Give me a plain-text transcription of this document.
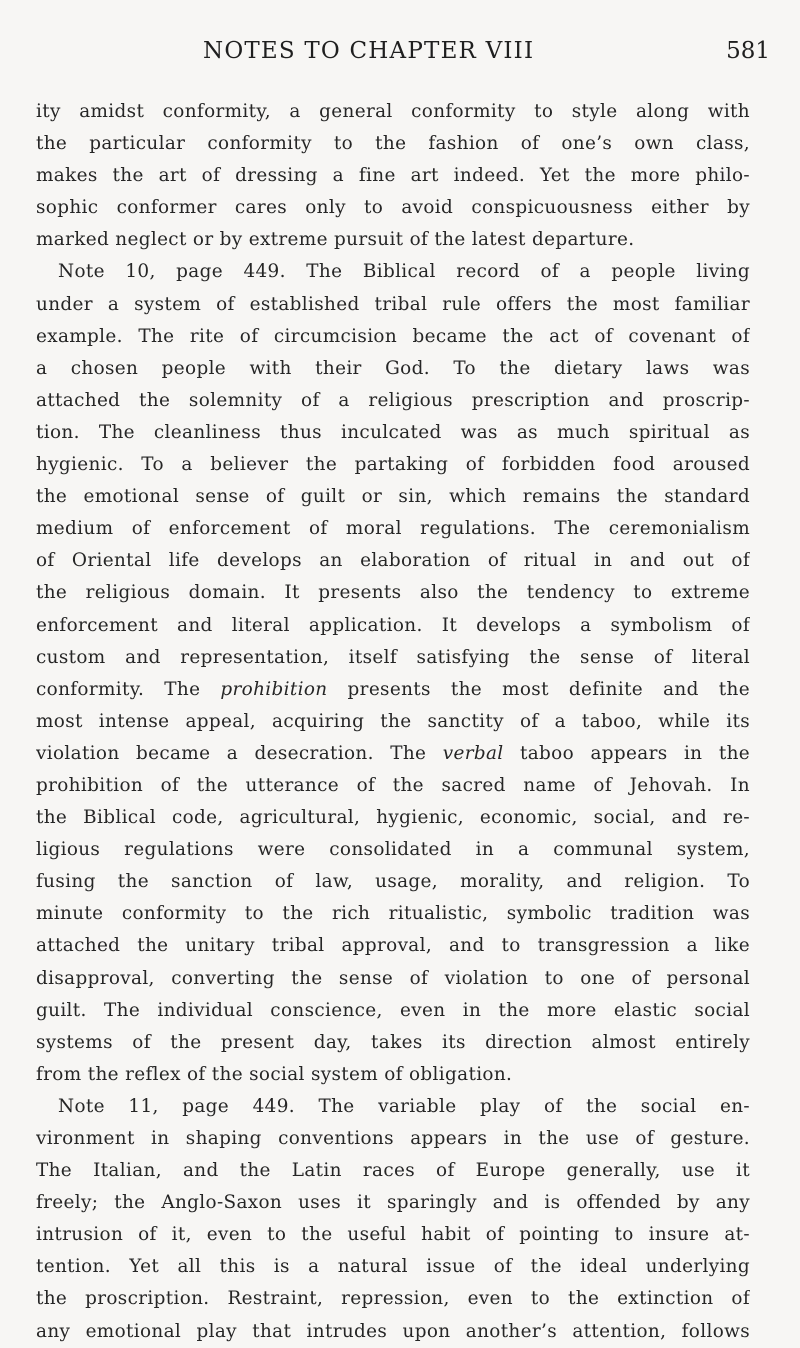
NOTES TO CHAPTER VIII	581
ity amidst conformity, a general conformity to style along with
the particular conformity to the fashion of one’s own class,
makes the art of dressing a fine art indeed. Yet the more philo-
sophic conformer cares only to avoid conspicuousness either by
marked neglect or by extreme pursuit of the latest departure.
Note 10, page 449. The Biblical record of a people living
under a system of established tribal rule offers the most familiar
example. The rite of circumcision became the act of covenant of
a chosen people with their God. To the dietary laws was
attached the solemnity of a religious prescription and proscrip-
tion. The cleanliness thus inculcated was as much spiritual as
hygienic. To a believer the partaking of forbidden food aroused
the emotional sense of guilt or sin, which remains the standard
medium of enforcement of moral regulations. The ceremonialism
of Oriental life develops an elaboration of ritual in and out of
the religious domain. It presents also the tendency to extreme
enforcement and literal application. It develops a symbolism of
custom and representation, itself satisfying the sense of literal
conformity. The prohibition presents the most definite and the
most intense appeal, acquiring the sanctity of a taboo, while its
violation became a desecration. The verbal taboo appears in the
prohibition of the utterance of the sacred name of Jehovah. In
the Biblical code, agricultural, hygienic, economic, social, and re-
ligious regulations were consolidated in a communal system,
fusing the sanction of law, usage, morality, and religion. To
minute conformity to the rich ritualistic, symbolic tradition was
attached the unitary tribal approval, and to transgression a like
disapproval, converting the sense of violation to one of personal
guilt. The individual conscience, even in the more elastic social
systems of the present day, takes its direction almost entirely
from the reflex of the social system of obligation.
Note 11, page 449. The variable play of the social en-
vironment in shaping conventions appears in the use of gesture.
The Italian, and the Latin races of Europe generally, use it
freely; the Anglo-Saxon uses it sparingly and is offended by any
intrusion of it, even to the useful habit of pointing to insure at-
tention. Yet all this is a natural issue of the ideal underlying
the proscription. Restraint, repression, even to the extinction of
any emotional play that intrudes upon another’s attention, follows
